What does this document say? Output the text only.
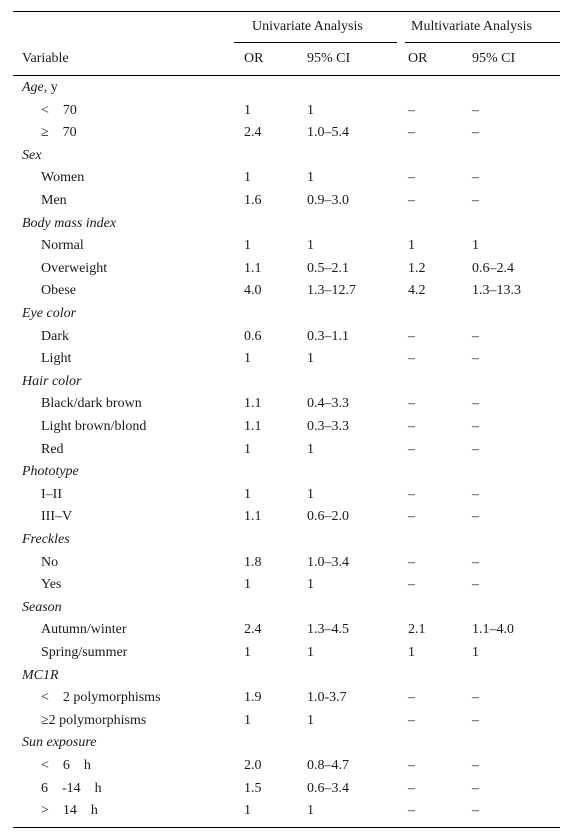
Univariate Analysis	Multivariate Analysis
Variable	OR	95% CI	OR	95% CI
Age, y
< 70	1	1	–	–
≥ 70	2.4	1.0–5.4	–	–
Sex
Women	1	1	–	–
Men	1.6	0.9–3.0	–	–
Body mass index
Normal	1	1	1	1
Overweight	1.1	0.5–2.1	1.2	0.6–2.4
Obese	4.0	1.3–12.7	4.2	1.3–13.3
Eye color
Dark	0.6	0.3–1.1	–	–
Light	1	1	–	–
Hair color
Black/dark brown	1.1	0.4–3.3	–	–
Light brown/blond	1.1	0.3–3.3	–	–
Red	1	1	–	–
Phototype
I–II	1	1	–	–
III–V	1.1	0.6–2.0	–	–
Freckles
No	1.8	1.0–3.4	–	–
Yes	1	1	–	–
Season
Autumn/winter	2.4	1.3–4.5	2.1	1.1–4.0
Spring/summer	1	1	1	1
MC1R
< 2 polymorphisms	1.9	1.0-3.7	–	–
≥2 polymorphisms	1	1	–	–
Sun exposure
< 6 h	2.0	0.8–4.7	–	–
6 -14 h	1.5	0.6–3.4	–	–
> 14 h	1	1	–	–
